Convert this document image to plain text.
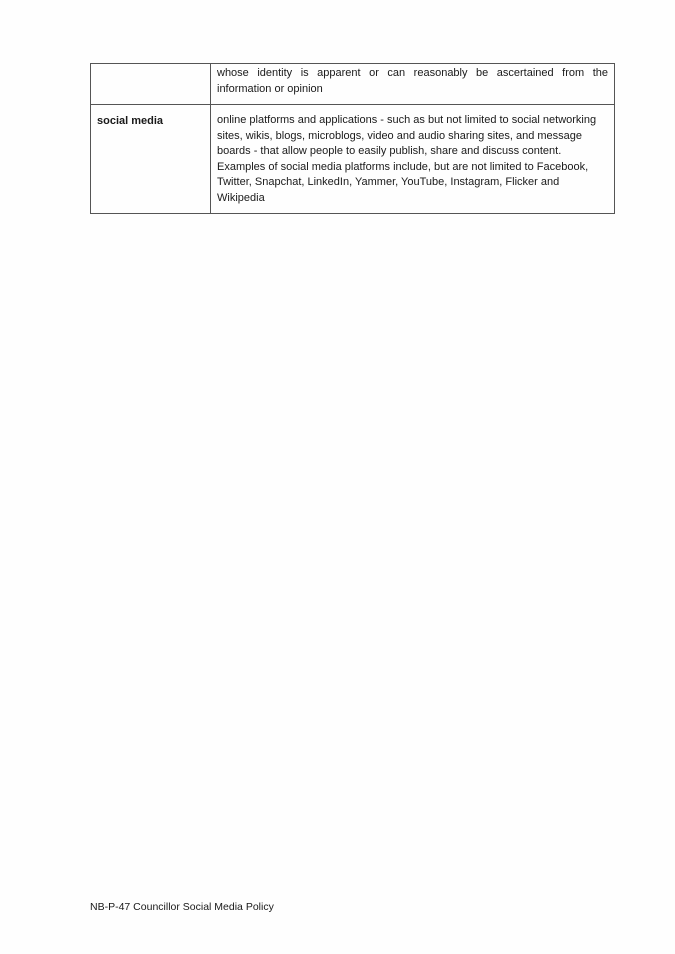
	whose identity is apparent or can reasonably be ascertained from the information or opinion
social media	online platforms and applications - such as but not limited to social networking sites, wikis, blogs, microblogs, video and audio sharing sites, and message boards - that allow people to easily publish, share and discuss content. Examples of social media platforms include, but are not limited to Facebook, Twitter, Snapchat, LinkedIn, Yammer, YouTube, Instagram, Flicker and Wikipedia
NB-P-47 Councillor Social Media Policy
